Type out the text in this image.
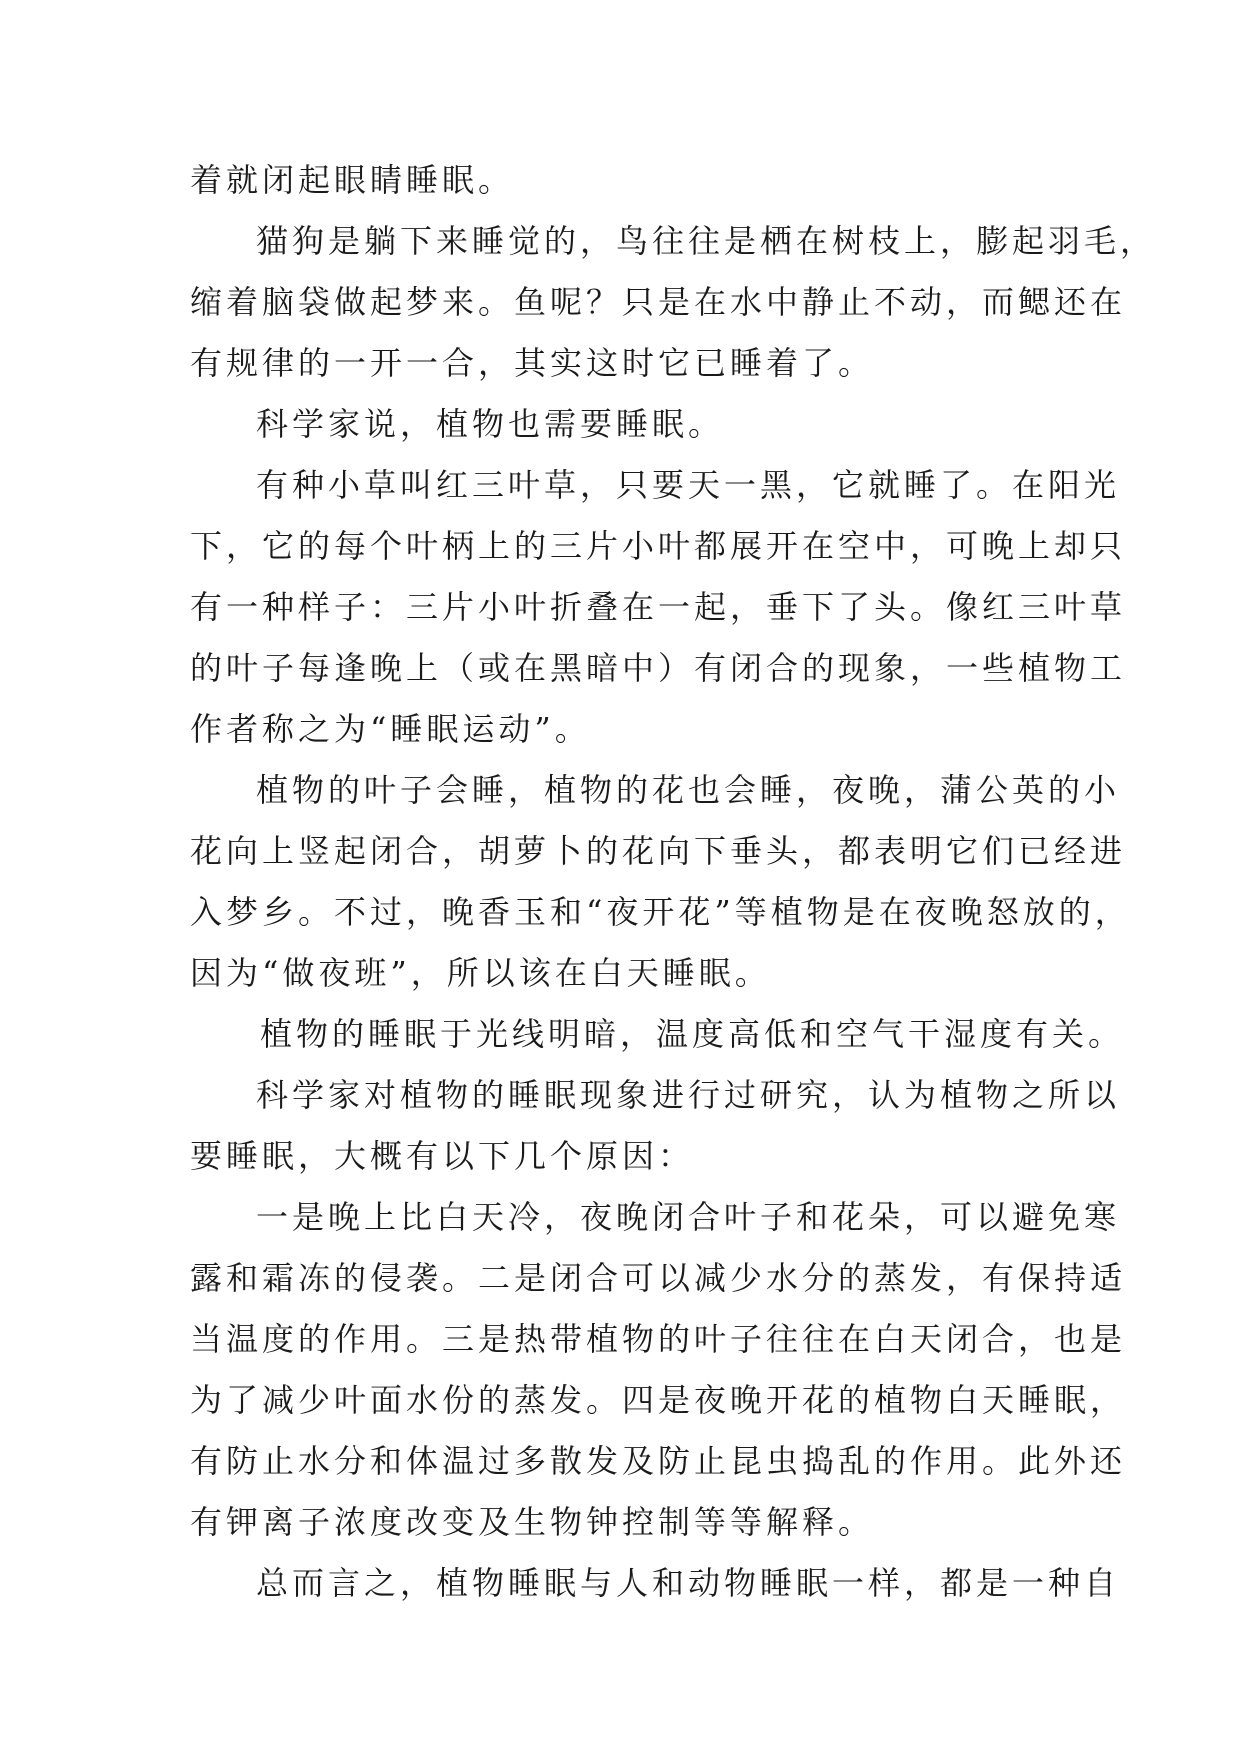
着就闭起眼睛睡眠。
猫狗是躺下来睡觉的，鸟往往是栖在树枝上，膨起羽毛，
缩着脑袋做起梦来。鱼呢？只是在水中静止不动，而鳃还在
有规律的一开一合，其实这时它已睡着了。
科学家说，植物也需要睡眠。
有种小草叫红三叶草，只要天一黑，它就睡了。在阳光
下，它的每个叶柄上的三片小叶都展开在空中，可晚上却只
有一种样子：三片小叶折叠在一起，垂下了头。像红三叶草
的叶子每逢晚上（或在黑暗中）有闭合的现象，一些植物工
作者称之为“睡眠运动”。
植物的叶子会睡，植物的花也会睡，夜晚，蒲公英的小
花向上竖起闭合，胡萝卜的花向下垂头，都表明它们已经进
入梦乡。不过，晚香玉和“夜开花”等植物是在夜晚怒放的，
因为“做夜班”，所以该在白天睡眠。
植物的睡眠于光线明暗，温度高低和空气干湿度有关。
科学家对植物的睡眠现象进行过研究，认为植物之所以
要睡眠，大概有以下几个原因：
一是晚上比白天冷，夜晚闭合叶子和花朵，可以避免寒
露和霜冻的侵袭。二是闭合可以减少水分的蒸发，有保持适
当温度的作用。三是热带植物的叶子往往在白天闭合，也是
为了减少叶面水份的蒸发。四是夜晚开花的植物白天睡眠，
有防止水分和体温过多散发及防止昆虫捣乱的作用。此外还
有钾离子浓度改变及生物钟控制等等解释。
总而言之，植物睡眠与人和动物睡眠一样，都是一种自
